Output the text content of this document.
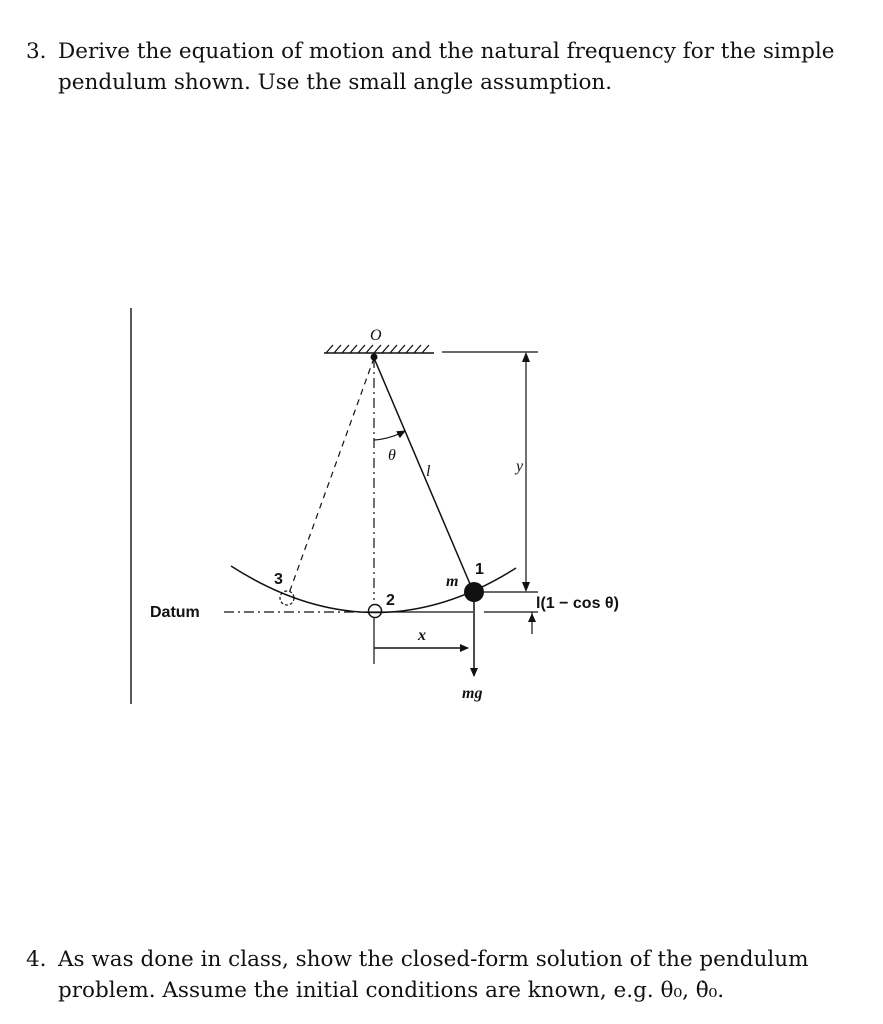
3. Derive the equation of motion and the natural frequency for the simple pendulum shown. Use the small angle assumption.
O
θ
l
Datum
3
2
m
1
y
l(1 − cos θ)
x
mg
4. As was done in class, show the closed-form solution of the pendulum problem. Assume the initial conditions are known, e.g. θ₀, θ̇₀.
